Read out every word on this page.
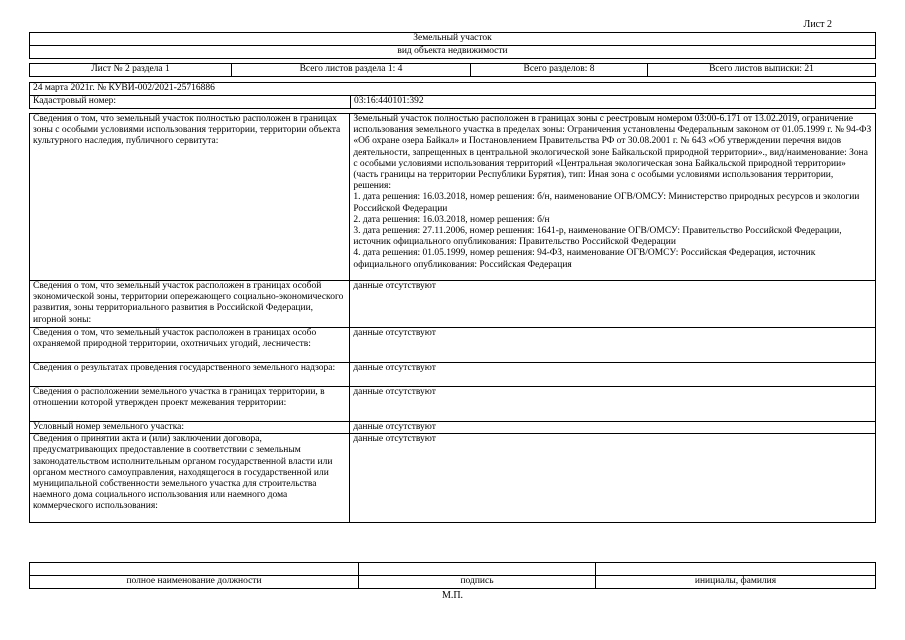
Лист 2
Земельный участок
вид объекта недвижимости
Лист № 2 раздела 1	Всего листов раздела 1: 4	Всего разделов: 8	Всего листов выписки: 21
24 марта 2021г. № КУВИ-002/2021-25716886
Кадастровый номер:	03:16:440101:392
Сведения о том, что земельный участок полностью расположен в границах зоны с особыми условиями использования территории, территории объекта культурного наследия, публичного сервитута:	Земельный участок полностью расположен в границах зоны с реестровым номером 03:00-6.171 от 13.02.2019, ограничение использования земельного участка в пределах зоны: Ограничения установлены Федеральным законом от 01.05.1999 г. № 94-ФЗ «Об охране озера Байкал» и Постановлением Правительства РФ от 30.08.2001 г. № 643 «Об утверждении перечня видов деятельности, запрещенных в центральной экологической зоне Байкальской природной территории»., вид/наименование: Зона с особыми условиями использования территорий «Центральная экологическая зона Байкальской природной территории» (часть границы на территории Республики Бурятия), тип: Иная зона с особыми условиями использования территории, решения:
1. дата решения: 16.03.2018, номер решения: б/н, наименование ОГВ/ОМСУ: Министерство природных ресурсов и экологии Российской Федерации
2. дата решения: 16.03.2018, номер решения: б/н
3. дата решения: 27.11.2006, номер решения: 1641-р, наименование ОГВ/ОМСУ: Правительство Российской Федерации, источник официального опубликования: Правительство Российской Федерации
4. дата решения: 01.05.1999, номер решения: 94-ФЗ, наименование ОГВ/ОМСУ: Российская Федерация, источник официального опубликования: Российская Федерация

Сведения о том, что земельный участок расположен в границах особой экономической зоны, территории опережающего социально-экономического развития, зоны территориального развития в Российской Федерации, игорной зоны:	данные отсутствуют
Сведения о том, что земельный участок расположен в границах особо охраняемой природной территории, охотничьих угодий, лесничеств:	данные отсутствуют
Сведения о результатах проведения государственного земельного надзора:	данные отсутствуют
Сведения о расположении земельного участка в границах территории, в отношении которой утвержден проект межевания территории:	данные отсутствуют
Условный номер земельного участка:	данные отсутствуют
Сведения о принятии акта и (или) заключении договора, предусматривающих предоставление в соответствии с земельным законодательством исполнительным органом государственной власти или органом местного самоуправления, находящегося в государственной или муниципальной собственности земельного участка для строительства наемного дома социального использования или наемного дома коммерческого использования:	данные отсутствуют

полное наименование должности	подпись	инициалы, фамилия
М.П.
